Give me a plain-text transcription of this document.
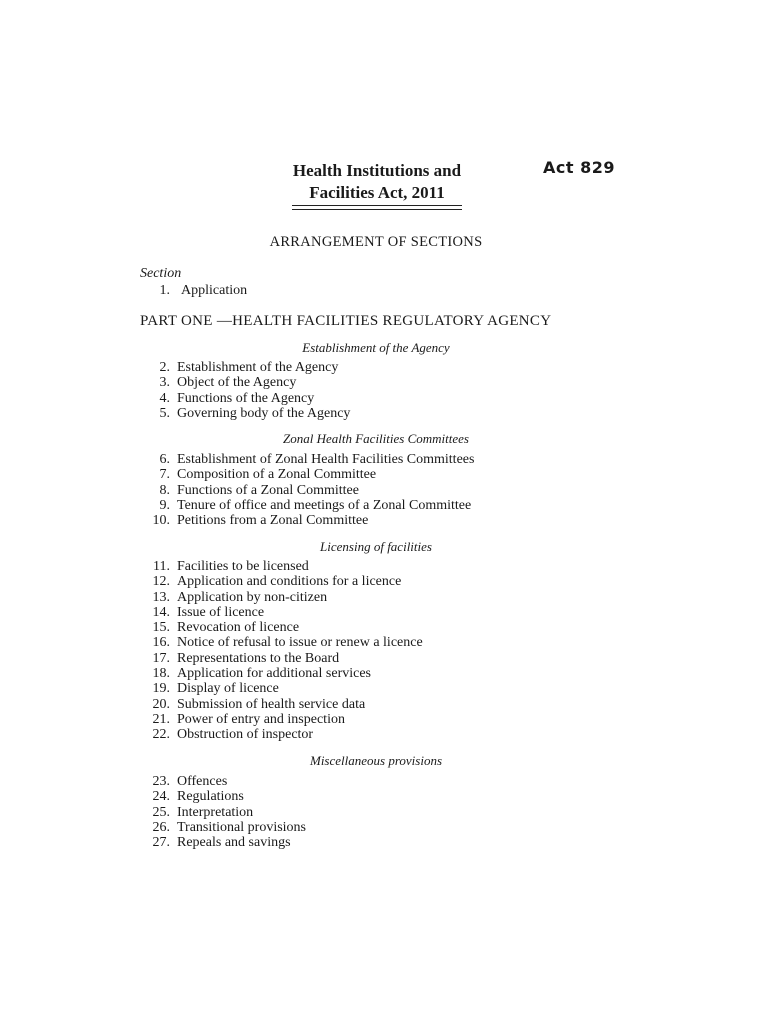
Health Institutions and
Facilities Act, 2011
Act 829
ARRANGEMENT OF SECTIONS
Section
1. Application
PART ONE —HEALTH FACILITIES REGULATORY AGENCY
Establishment of the Agency
2. Establishment of the Agency
3. Object of the Agency
4. Functions of the Agency
5. Governing body of the Agency
Zonal Health Facilities Committees
6. Establishment of Zonal Health Facilities Committees
7. Composition of a Zonal Committee
8. Functions of a Zonal Committee
9. Tenure of office and meetings of a Zonal Committee
10. Petitions from a Zonal Committee
Licensing of facilities
11. Facilities to be licensed
12. Application and conditions for a licence
13. Application by non-citizen
14. Issue of licence
15. Revocation of licence
16. Notice of refusal to issue or renew a licence
17. Representations to the Board
18. Application for additional services
19. Display of licence
20. Submission of health service data
21. Power of entry and inspection
22. Obstruction of inspector
Miscellaneous provisions
23. Offences
24. Regulations
25. Interpretation
26. Transitional provisions
27. Repeals and savings
